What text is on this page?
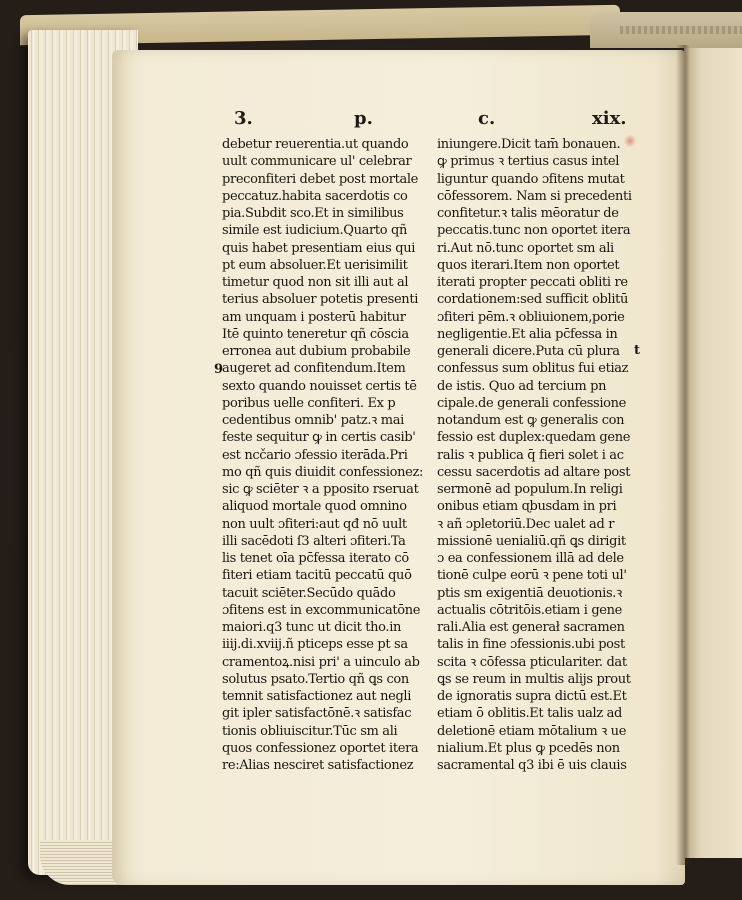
3.	p.	c.	xix.
debetur reuerentia.ut quando
uult communicare ul' celebrar
preconfiteri debet post mortale
peccatuz.habita sacerdotis co
pia.Subdit sco.Et in similibus
simile est iudicium.Quarto qñ
quis habet presentiam eius qui
pt eum absoluer.Et uerisimilit
timetur quod non sit illi aut al
terius absoluer potetis presenti
am unquam i posterū habitur
Itē quinto teneretur qñ cōscia
erronea aut dubium probabile
augeret ad confitendum.Item
sexto quando nouisset certis tē
poribus uelle confiteri. Ex p
cedentibus omnib' patz.ꝛ mai
feste sequitur ꝙ in certis casib'
est ncčario ɔfessio iterāda.Pri
mo qñ quis diuidit confessionez:
sic ꝙ sciēter ꝛ a pposito rseruat
aliquod mortale quod omnino
non uult ɔfiteri:aut qđ nō uult
illi sacēdoti ſ3 alteri ɔfiteri.Ta
lis tenet oīa pc̄fessa iterato cō
fiteri etiam tacitū peccatū quō
tacuit sciēter.Secūdo quādo
ɔfitens est in excommunicatōne
maiori.q3 tunc ut dicit tho.in
iiij.di.xviij.ñ pticeps esse pt sa
cramentoꝝ.nisi pri' a uinculo ab
solutus psato.Tertio qñ ꝗs con
temnit satisfactionez aut negli
git ipler satisfactōnē.ꝛ satisfac
tionis obliuiscitur.Tūc sm ali
quos confessionez oportet itera
re:Alias nesciret satisfactionez
iniungere.Dicit tam̄ bonauen.
ꝙ primus ꝛ tertius casus intel
liguntur quando ɔfitens mutat
cōfessorem. Nam si precedenti
confitetur.ꝛ talis mēoratur de
peccatis.tunc non oportet itera
ri.Aut nō.tunc oportet sm ali
quos iterari.Item non oportet
iterati propter peccati obliti re
cordationem:sed sufficit oblitū
ɔfiteri pēm.ꝛ obliuionem,porie
negligentie.Et alia pc̄fessa in
generali dicere.Puta cū plura
confessus sum oblitus fui etiaz
de istis. Quo ad tercium pn
cipale.de generali confessione
notandum est ꝙ generalis con
fessio est duplex:quedam gene
ralis ꝛ publica q̄ fieri solet i ac
cessu sacerdotis ad altare post
sermonē ad populum.In religi
onibus etiam ɋbusdam in pri
ꝛ añ ɔpletoriū.Dec ualet ad r
missionē uenialiū.qñ ꝗs dirigit
ɔ ea confessionem illā ad dele
tionē culpe eorū ꝛ pene toti ul'
ptis sm exigentiā deuotionis.ꝛ
actualis cōtritōis.etiam i gene
rali.Alia est generał sacramen
talis in fine ɔfessionis.ubi post
scita ꝛ cōfessa pticulariter. dat
ꝗs se reum in multis alijs prout
de ignoratis supra dictū est.Et
etiam ō oblitis.Et talis ualz ad
deletionē etiam mōtalium ꝛ ue
nialium.Et plus ꝙ pcedēs non
sacramental q3 ibi ē uis clauis
9
t
